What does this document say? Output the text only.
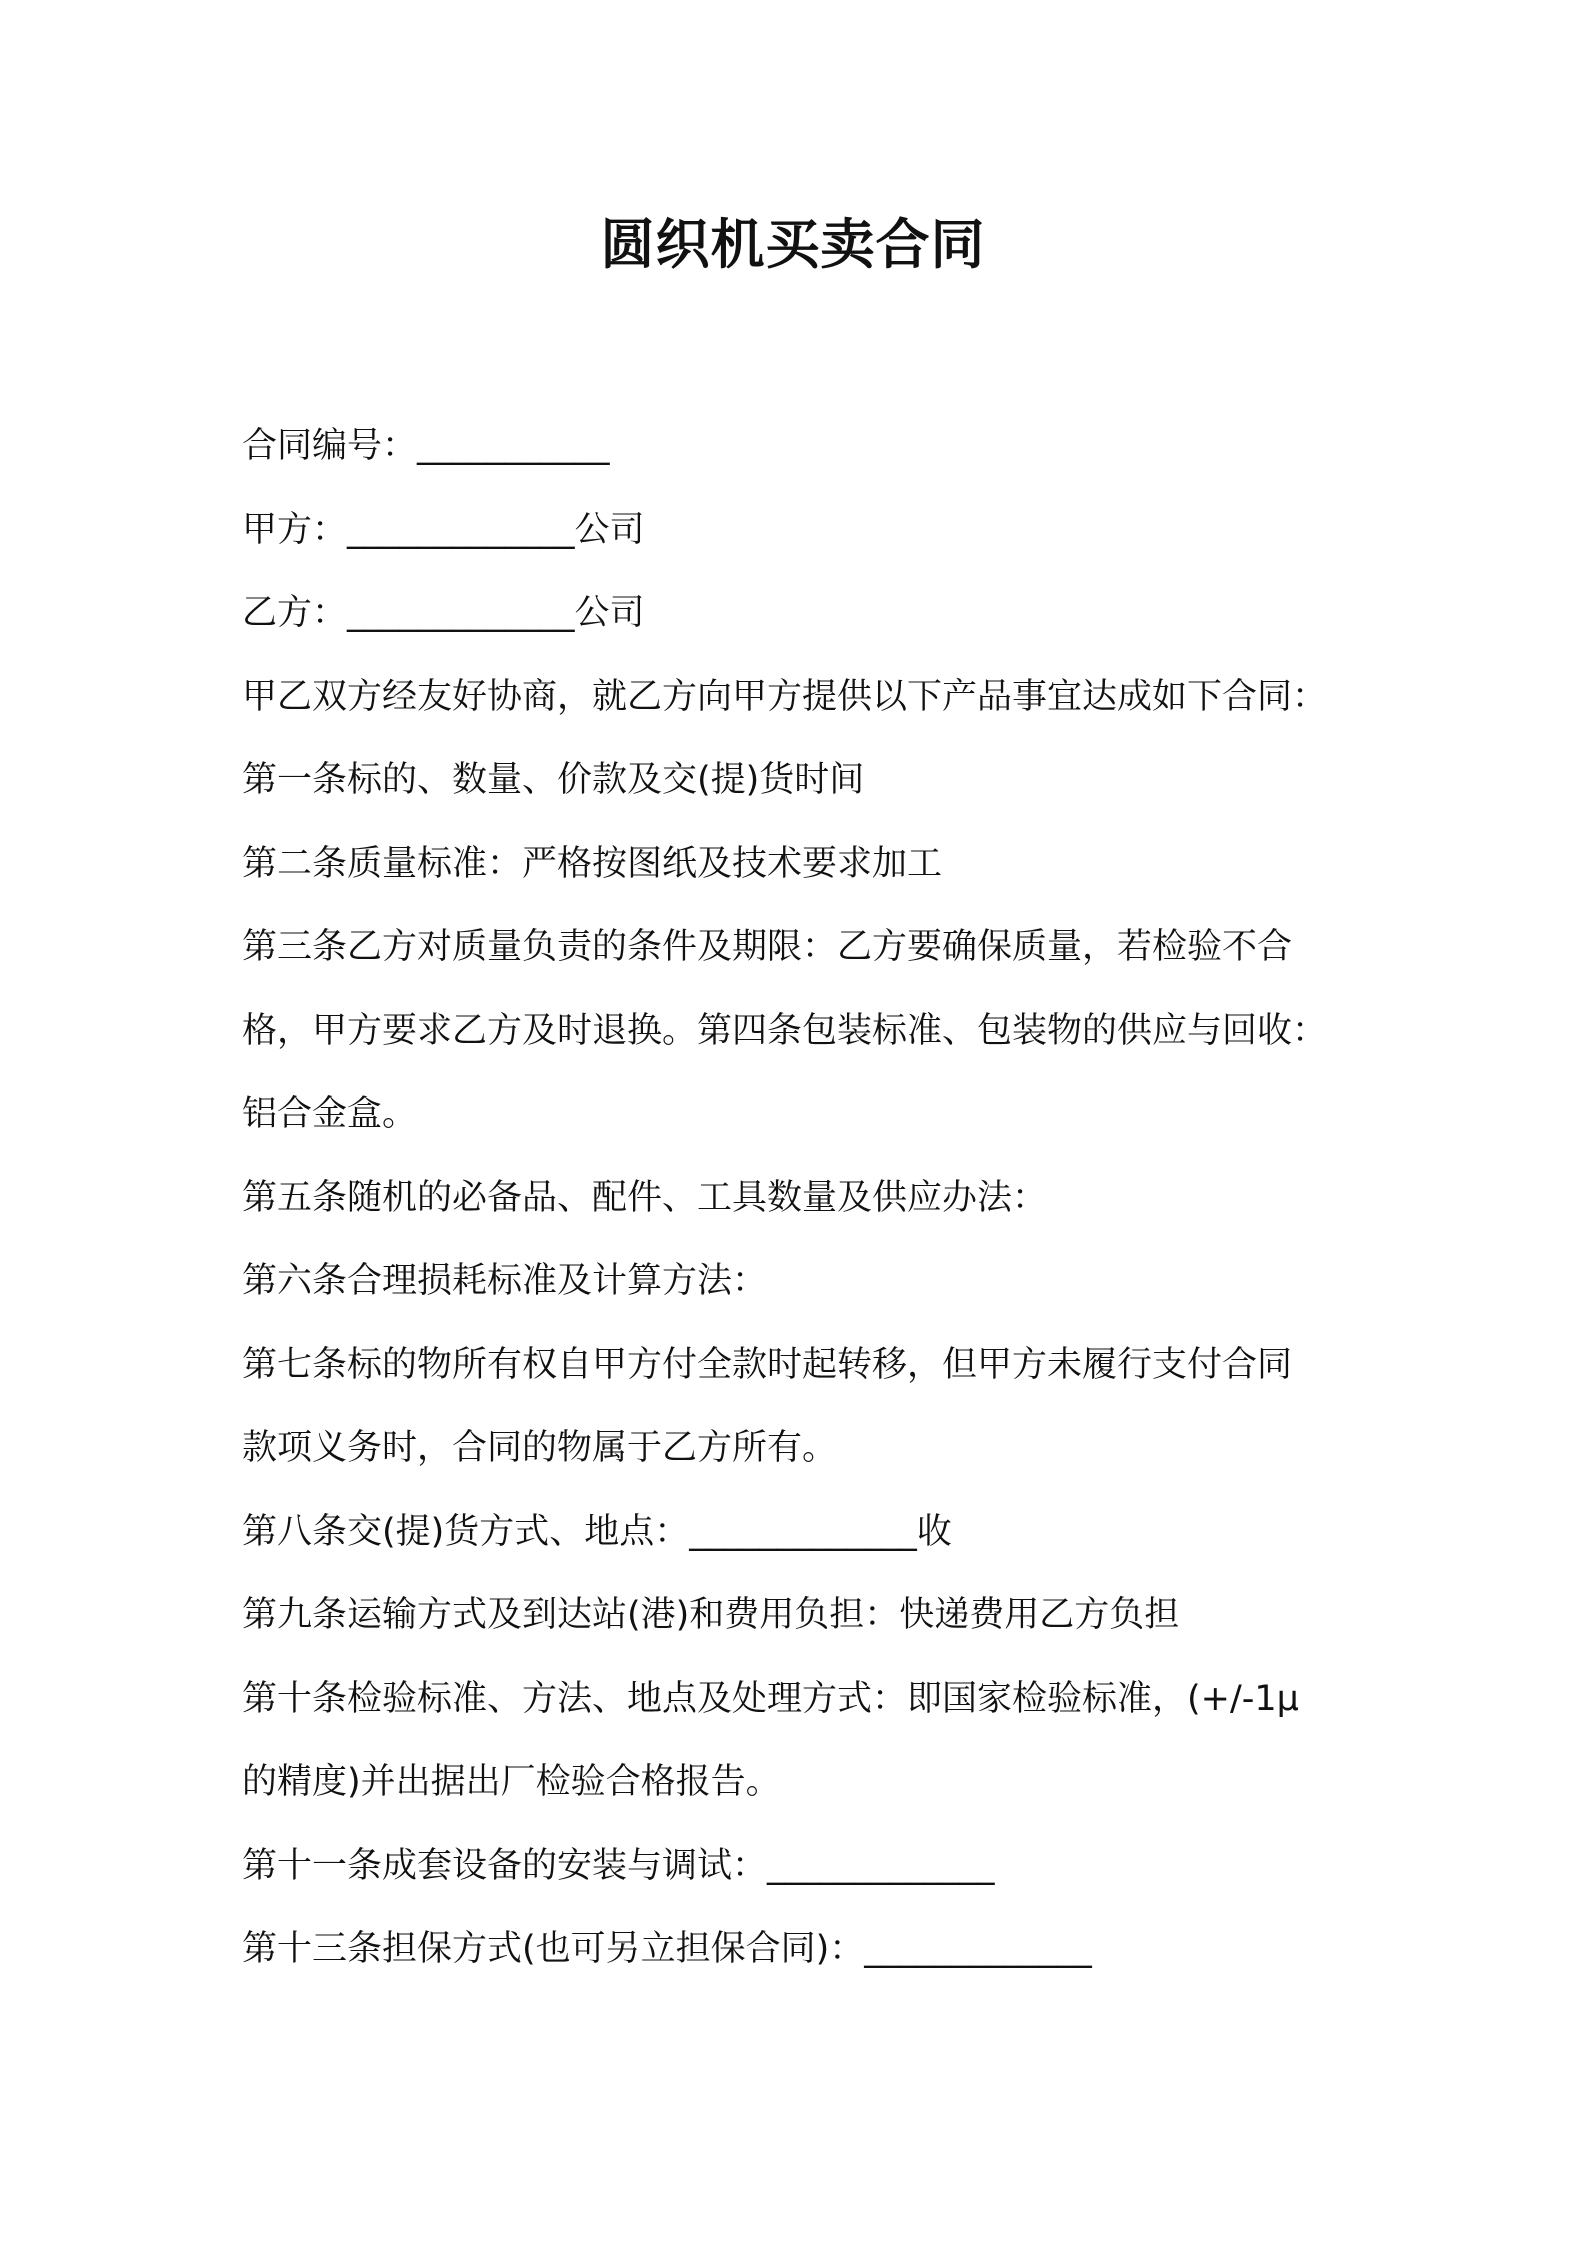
圆织机买卖合同

合同编号：___________

甲方：_____________公司

乙方：_____________公司

甲乙双方经友好协商，就乙方向甲方提供以下产品事宜达成如下合同：

第一条标的、数量、价款及交(提)货时间

第二条质量标准：严格按图纸及技术要求加工

第三条乙方对质量负责的条件及期限：乙方要确保质量，若检验不合

格，甲方要求乙方及时退换。第四条包装标准、包装物的供应与回收：

铝合金盒。

第五条随机的必备品、配件、工具数量及供应办法：

第六条合理损耗标准及计算方法：

第七条标的物所有权自甲方付全款时起转移，但甲方未履行支付合同

款项义务时，合同的物属于乙方所有。

第八条交(提)货方式、地点：_____________收

第九条运输方式及到达站(港)和费用负担：快递费用乙方负担

第十条检验标准、方法、地点及处理方式：即国家检验标准，(+/-1μ

的精度)并出据出厂检验合格报告。

第十一条成套设备的安装与调试：_____________

第十三条担保方式(也可另立担保合同)：_____________
